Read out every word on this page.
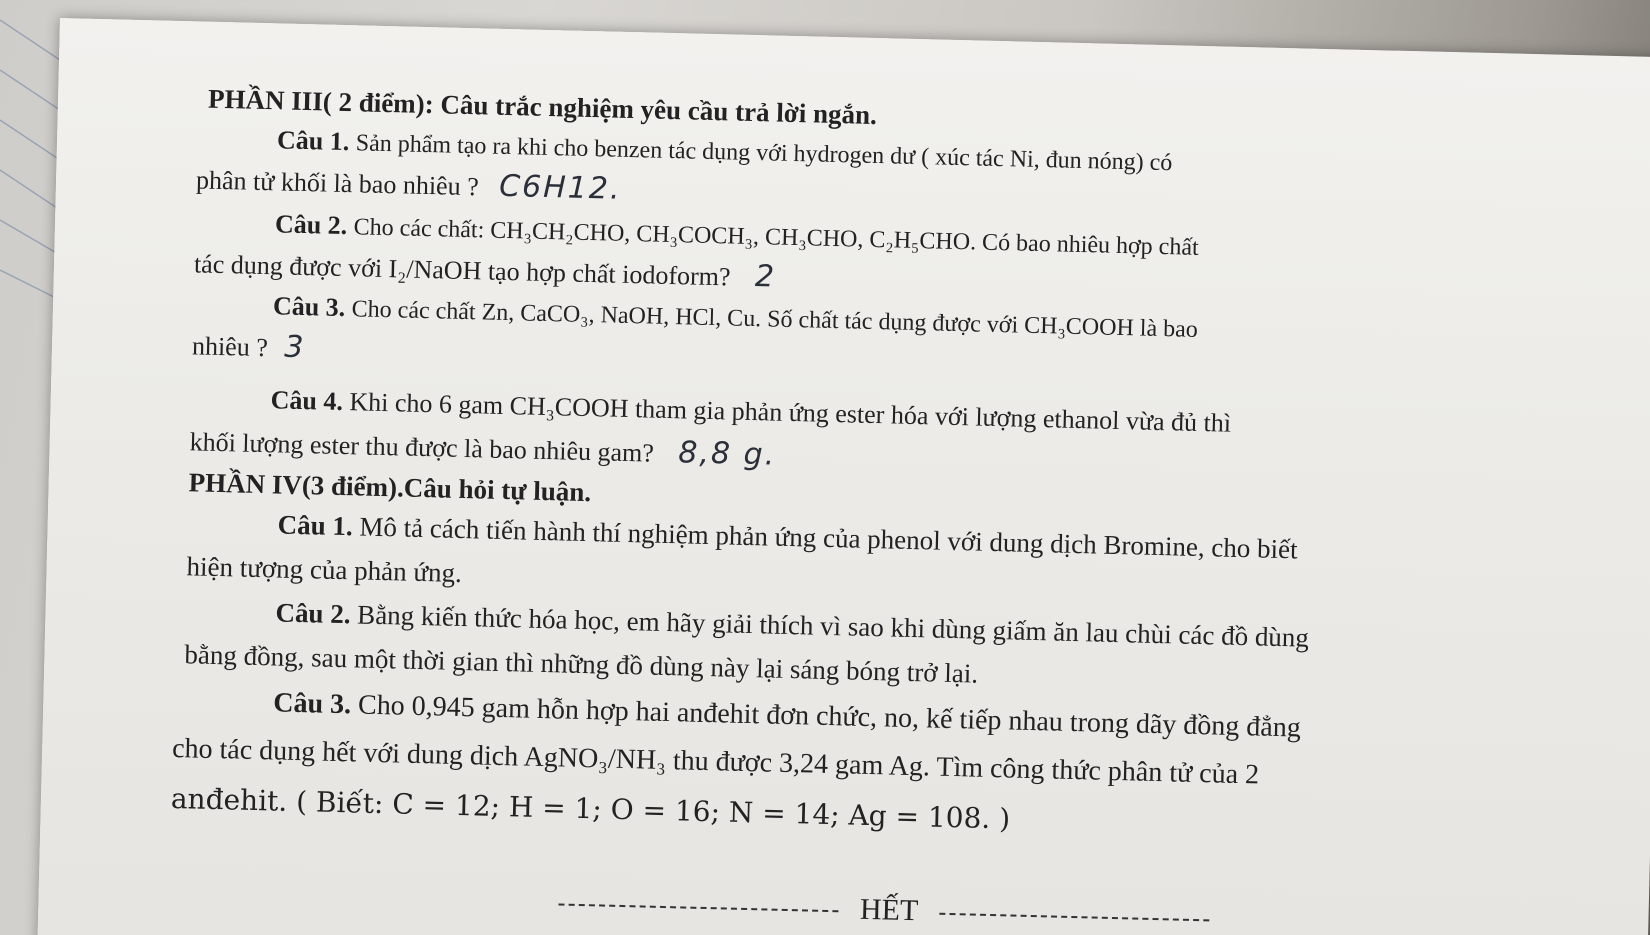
PHẦN III( 2 điểm): Câu trắc nghiệm yêu cầu trả lời ngắn.
Câu 1. Sản phẩm tạo ra khi cho benzen tác dụng với hydrogen dư ( xúc tác Ni, đun nóng) có
phân tử khối là bao nhiêu ? C6H12.
Câu 2. Cho các chất: CH₃CH₂CHO, CH₃COCH₃, CH₃CHO, C₂H₅CHO. Có bao nhiêu hợp chất
tác dụng được với I₂/NaOH tạo hợp chất iodoform? 2
Câu 3. Cho các chất Zn, CaCO₃, NaOH, HCl, Cu. Số chất tác dụng được với CH₃COOH là bao
nhiêu ? 3
Câu 4. Khi cho 6 gam CH₃COOH tham gia phản ứng ester hóa với lượng ethanol vừa đủ thì
khối lượng ester thu được là bao nhiêu gam? 8,8 g.
PHẦN IV(3 điểm).Câu hỏi tự luận.
Câu 1. Mô tả cách tiến hành thí nghiệm phản ứng của phenol với dung dịch Bromine, cho biết
hiện tượng của phản ứng.
Câu 2. Bằng kiến thức hóa học, em hãy giải thích vì sao khi dùng giấm ăn lau chùi các đồ dùng
bằng đồng, sau một thời gian thì những đồ dùng này lại sáng bóng trở lại.
Câu 3. Cho 0,945 gam hỗn hợp hai anđehit đơn chức, no, kế tiếp nhau trong dãy đồng đẳng
cho tác dụng hết với dung dịch AgNO₃/NH₃ thu được 3,24 gam Ag. Tìm công thức phân tử của 2
anđehit. ( Biết: C = 12; H = 1; O = 16; N = 14; Ag = 108. )
HẾT
